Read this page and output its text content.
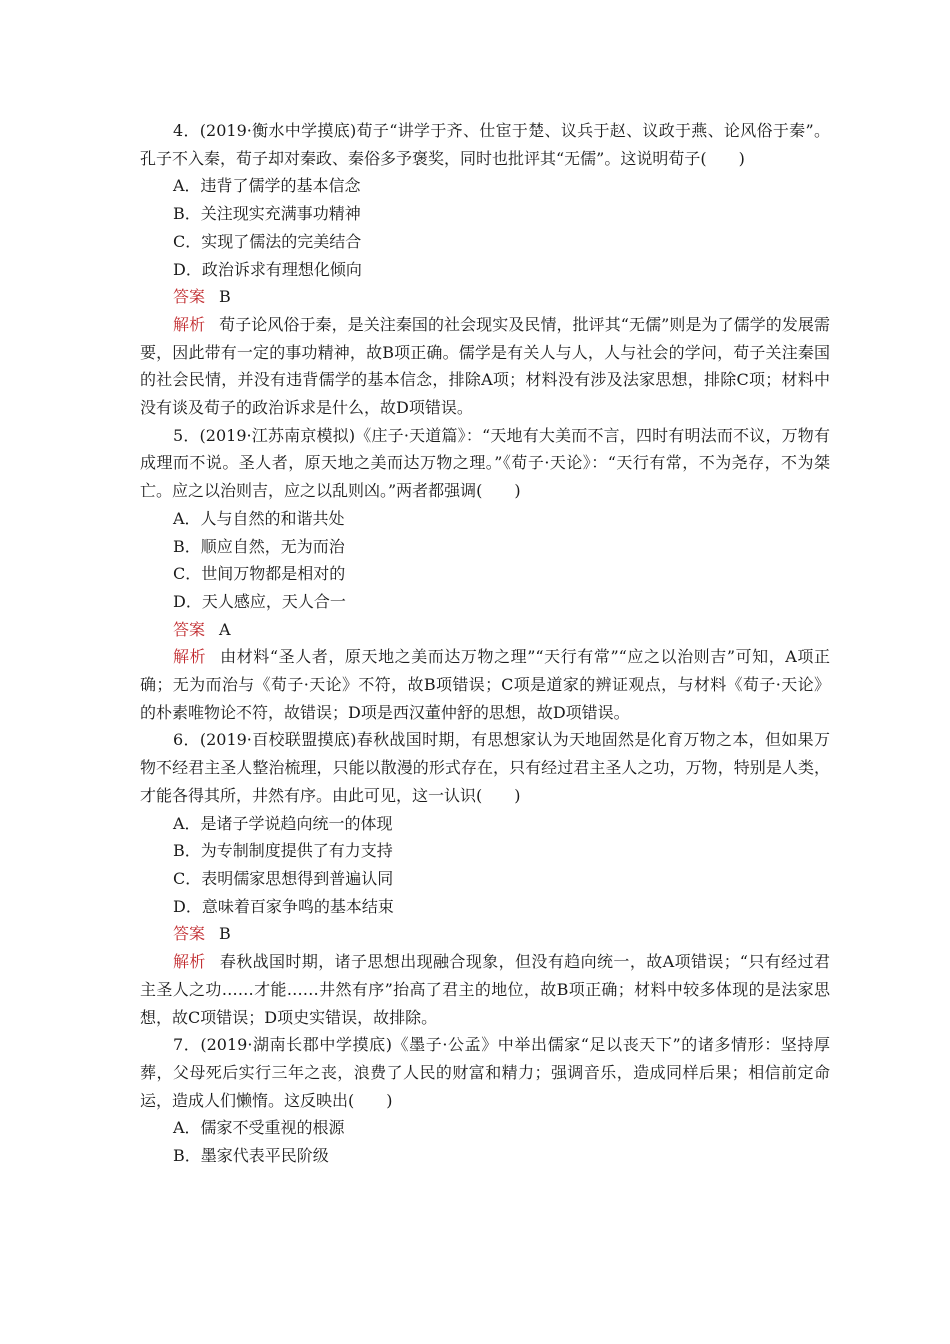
4．(2019·衡水中学摸底)荀子“讲学于齐、仕宦于楚、议兵于赵、议政于燕、论风俗于秦”。孔子不入秦，荀子却对秦政、秦俗多予褒奖，同时也批评其“无儒”。这说明荀子(　　)

A．违背了儒学的基本信念

B．关注现实充满事功精神

C．实现了儒法的完美结合

D．政治诉求有理想化倾向

答案 B

解析 荀子论风俗于秦，是关注秦国的社会现实及民情，批评其“无儒”则是为了儒学的发展需要，因此带有一定的事功精神，故B项正确。儒学是有关人与人，人与社会的学问，荀子关注秦国的社会民情，并没有违背儒学的基本信念，排除A项；材料没有涉及法家思想，排除C项；材料中没有谈及荀子的政治诉求是什么，故D项错误。

5．(2019·江苏南京模拟)《庄子·天道篇》：“天地有大美而不言，四时有明法而不议，万物有成理而不说。圣人者，原天地之美而达万物之理。”《荀子·天论》：“天行有常，不为尧存，不为桀亡。应之以治则吉，应之以乱则凶。”两者都强调(　　)

A．人与自然的和谐共处

B．顺应自然，无为而治

C．世间万物都是相对的

D．天人感应，天人合一

答案 A

解析 由材料“圣人者，原天地之美而达万物之理”“天行有常”“应之以治则吉”可知，A项正确；无为而治与《荀子·天论》不符，故B项错误；C项是道家的辨证观点，与材料《荀子·天论》的朴素唯物论不符，故错误；D项是西汉董仲舒的思想，故D项错误。

6．(2019·百校联盟摸底)春秋战国时期，有思想家认为天地固然是化育万物之本，但如果万物不经君主圣人整治梳理，只能以散漫的形式存在，只有经过君主圣人之功，万物，特别是人类，才能各得其所，井然有序。由此可见，这一认识(　　)

A．是诸子学说趋向统一的体现

B．为专制制度提供了有力支持

C．表明儒家思想得到普遍认同

D．意味着百家争鸣的基本结束

答案 B

解析 春秋战国时期，诸子思想出现融合现象，但没有趋向统一，故A项错误；“只有经过君主圣人之功……才能……井然有序”抬高了君主的地位，故B项正确；材料中较多体现的是法家思想，故C项错误；D项史实错误，故排除。

7．(2019·湖南长郡中学摸底)《墨子·公孟》中举出儒家“足以丧天下”的诸多情形：坚持厚葬，父母死后实行三年之丧，浪费了人民的财富和精力；强调音乐，造成同样后果；相信前定命运，造成人们懒惰。这反映出(　　)

A．儒家不受重视的根源

B．墨家代表平民阶级
